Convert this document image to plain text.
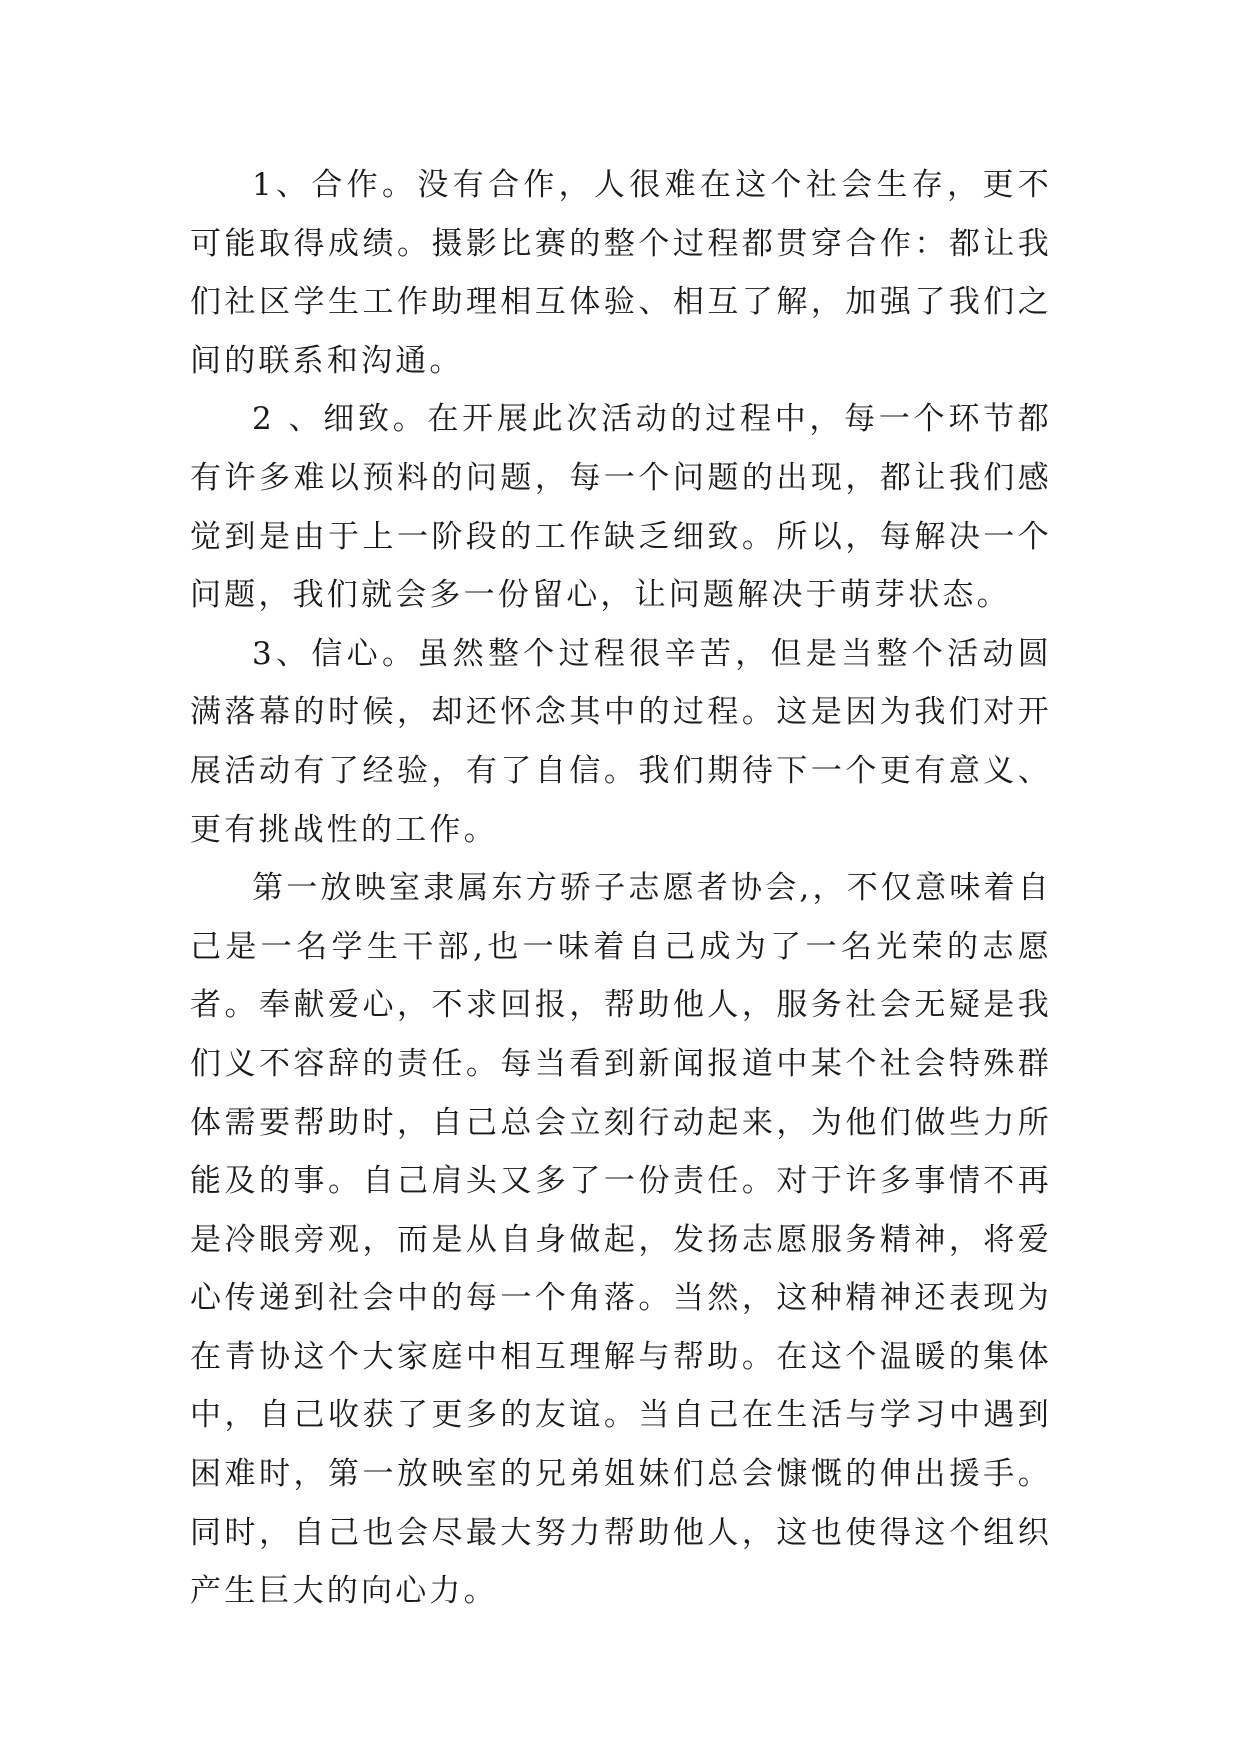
1、合作。没有合作，人很难在这个社会生存，更不可能取得成绩。摄影比赛的整个过程都贯穿合作：都让我们社区学生工作助理相互体验、相互了解，加强了我们之间的联系和沟通。

2 、细致。在开展此次活动的过程中，每一个环节都有许多难以预料的问题，每一个问题的出现，都让我们感觉到是由于上一阶段的工作缺乏细致。所以，每解决一个问题，我们就会多一份留心，让问题解决于萌芽状态。

3、信心。虽然整个过程很辛苦，但是当整个活动圆满落幕的时候，却还怀念其中的过程。这是因为我们对开展活动有了经验，有了自信。我们期待下一个更有意义、更有挑战性的工作。

第一放映室隶属东方骄子志愿者协会,，不仅意味着自己是一名学生干部,也一味着自己成为了一名光荣的志愿者。奉献爱心，不求回报，帮助他人，服务社会无疑是我们义不容辞的责任。每当看到新闻报道中某个社会特殊群体需要帮助时，自己总会立刻行动起来，为他们做些力所能及的事。自己肩头又多了一份责任。对于许多事情不再是冷眼旁观，而是从自身做起，发扬志愿服务精神，将爱心传递到社会中的每一个角落。当然，这种精神还表现为在青协这个大家庭中相互理解与帮助。在这个温暖的集体中，自己收获了更多的友谊。当自己在生活与学习中遇到困难时，第一放映室的兄弟姐妹们总会慷慨的伸出援手。同时，自己也会尽最大努力帮助他人，这也使得这个组织产生巨大的向心力。
